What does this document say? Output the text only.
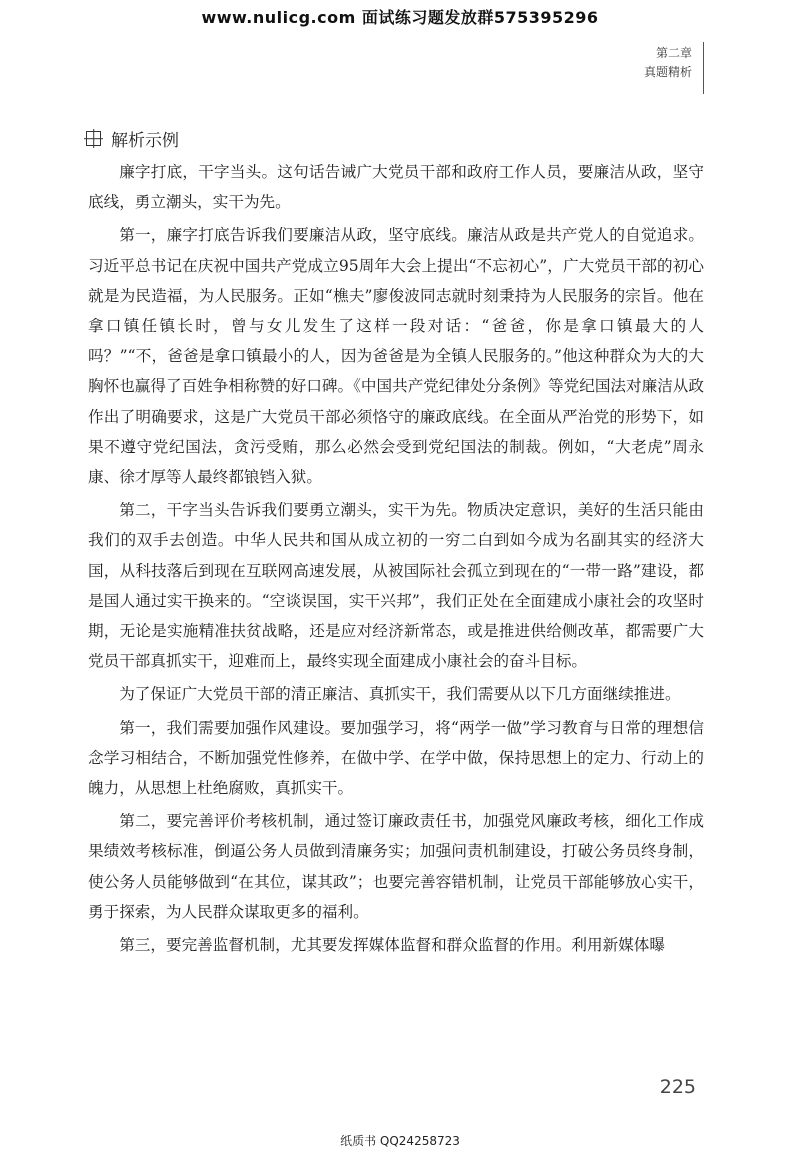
www.nulicg.com 面试练习题发放群575395296
第二章
真题精析
解析示例

廉字打底，干字当头。这句话告诫广大党员干部和政府工作人员，要廉洁从政，坚守底线，勇立潮头，实干为先。

第一，廉字打底告诉我们要廉洁从政，坚守底线。廉洁从政是共产党人的自觉追求。习近平总书记在庆祝中国共产党成立95周年大会上提出“不忘初心”，广大党员干部的初心就是为民造福，为人民服务。正如“樵夫”廖俊波同志就时刻秉持为人民服务的宗旨。他在拿口镇任镇长时，曾与女儿发生了这样一段对话：“爸爸，你是拿口镇最大的人吗？”“不，爸爸是拿口镇最小的人，因为爸爸是为全镇人民服务的。”他这种群众为大的大胸怀也赢得了百姓争相称赞的好口碑。《中国共产党纪律处分条例》等党纪国法对廉洁从政作出了明确要求，这是广大党员干部必须恪守的廉政底线。在全面从严治党的形势下，如果不遵守党纪国法，贪污受贿，那么必然会受到党纪国法的制裁。例如，“大老虎”周永康、徐才厚等人最终都锒铛入狱。

第二，干字当头告诉我们要勇立潮头，实干为先。物质决定意识，美好的生活只能由我们的双手去创造。中华人民共和国从成立初的一穷二白到如今成为名副其实的经济大国，从科技落后到现在互联网高速发展，从被国际社会孤立到现在的“一带一路”建设，都是国人通过实干换来的。“空谈误国，实干兴邦”，我们正处在全面建成小康社会的攻坚时期，无论是实施精准扶贫战略，还是应对经济新常态，或是推进供给侧改革，都需要广大党员干部真抓实干，迎难而上，最终实现全面建成小康社会的奋斗目标。

为了保证广大党员干部的清正廉洁、真抓实干，我们需要从以下几方面继续推进。

第一，我们需要加强作风建设。要加强学习，将“两学一做”学习教育与日常的理想信念学习相结合，不断加强党性修养，在做中学、在学中做，保持思想上的定力、行动上的魄力，从思想上杜绝腐败，真抓实干。

第二，要完善评价考核机制，通过签订廉政责任书，加强党风廉政考核，细化工作成果绩效考核标准，倒逼公务人员做到清廉务实；加强问责机制建设，打破公务员终身制，使公务人员能够做到“在其位，谋其政”；也要完善容错机制，让党员干部能够放心实干，勇于探索，为人民群众谋取更多的福利。

第三，要完善监督机制，尤其要发挥媒体监督和群众监督的作用。利用新媒体曝

225
纸质书 QQ24258723
